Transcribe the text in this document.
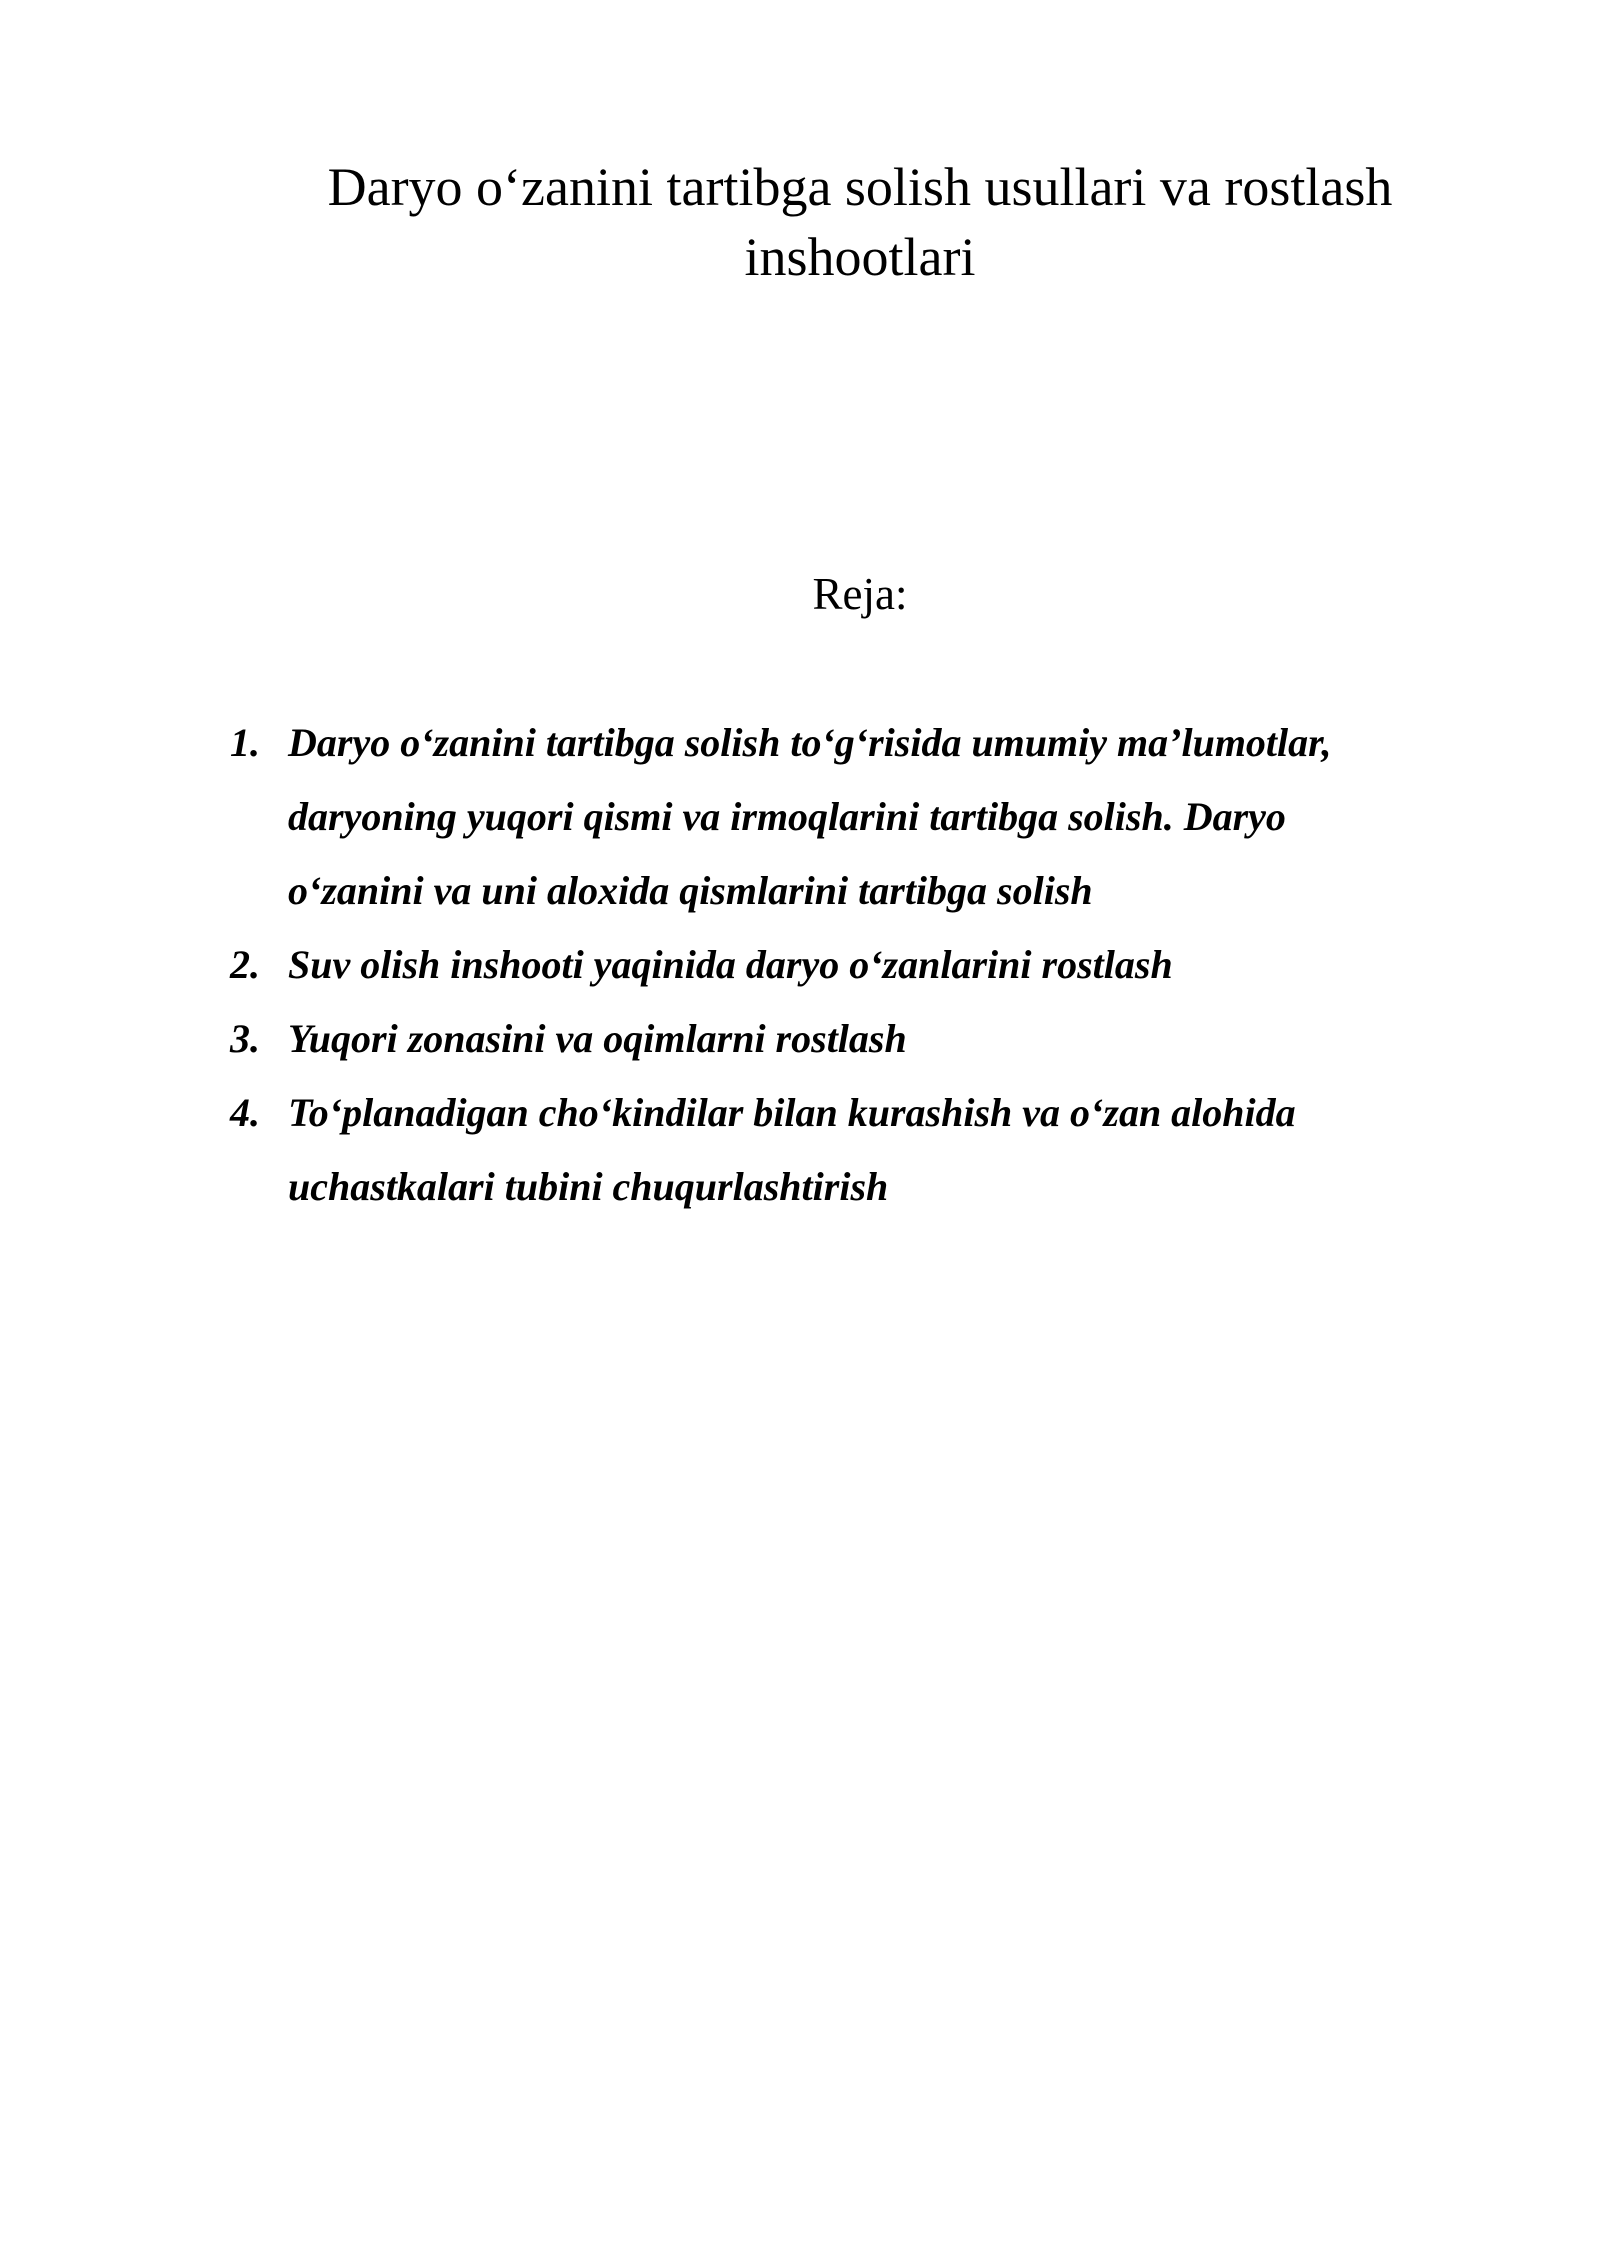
Daryo o‘zanini tartibga solish usullari va rostlash inshootlari

Reja:

1. Daryo o‘zanini tartibga solish to‘g‘risida umumiy ma’lumotlar, daryoning yuqori qismi va irmoqlarini tartibga solish. Daryo o‘zanini va uni aloxida qismlarini tartibga solish
2. Suv olish inshooti yaqinida daryo o‘zanlarini rostlash
3. Yuqori zonasini va oqimlarni rostlash
4. To‘planadigan cho‘kindilar bilan kurashish va o‘zan alohida uchastkalari tubini chuqurlashtirish
